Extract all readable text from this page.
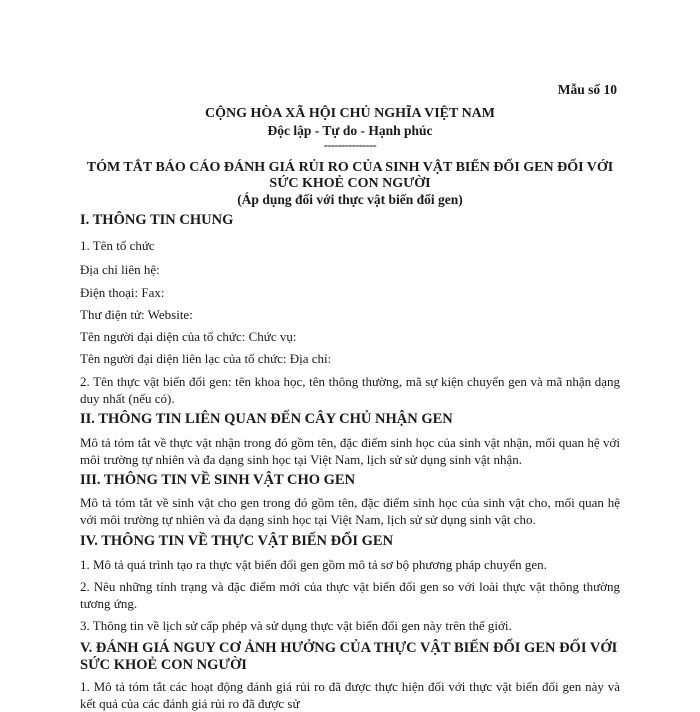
Mẫu số 10
CỘNG HÒA XÃ HỘI CHỦ NGHĨA VIỆT NAM
Độc lập - Tự do - Hạnh phúc
---------------
TÓM TẮT BÁO CÁO ĐÁNH GIÁ RỦI RO CỦA SINH VẬT BIẾN ĐỔI GEN ĐỐI VỚI SỨC KHOẺ CON NGƯỜI
(Áp dụng đối với thực vật biến đổi gen)
I. THÔNG TIN CHUNG
1. Tên tổ chức
Địa chỉ liên hệ:
Điện thoại: Fax:
Thư điện tử: Website:
Tên người đại diện của tổ chức: Chức vụ:
Tên người đại diện liên lạc của tổ chức: Địa chỉ:
2. Tên thực vật biến đổi gen: tên khoa học, tên thông thường, mã sự kiện chuyển gen và mã nhận dạng duy nhất (nếu có).
II. THÔNG TIN LIÊN QUAN ĐẾN CÂY CHỦ NHẬN GEN
Mô tả tóm tắt về thực vật nhận trong đó gồm tên, đặc điểm sinh học của sinh vật nhận, mối quan hệ với môi trường tự nhiên và đa dạng sinh học tại Việt Nam, lịch sử sử dụng sinh vật nhận.
III. THÔNG TIN VỀ SINH VẬT CHO GEN
Mô tả tóm tắt về sinh vật cho gen trong đó gồm tên, đặc điểm sinh học của sinh vật cho, mối quan hệ với môi trường tự nhiên và đa dạng sinh học tại Việt Nam, lịch sử sử dụng sinh vật cho.
IV. THÔNG TIN VỀ THỰC VẬT BIẾN ĐỔI GEN
1. Mô tả quá trình tạo ra thực vật biến đổi gen gồm mô tả sơ bộ phương pháp chuyển gen.
2. Nêu những tính trạng và đặc điểm mới của thực vật biến đổi gen so với loài thực vật thông thường tương ứng.
3. Thông tin về lịch sử cấp phép và sử dụng thực vật biến đổi gen này trên thế giới.
V. ĐÁNH GIÁ NGUY CƠ ẢNH HƯỞNG CỦA THỰC VẬT BIẾN ĐỔI GEN ĐỐI VỚI SỨC KHOẺ CON NGƯỜI
1. Mô tả tóm tắt các hoạt động đánh giá rủi ro đã được thực hiện đối với thực vật biến đổi gen này và kết quả của các đánh giá rủi ro đã được sử
